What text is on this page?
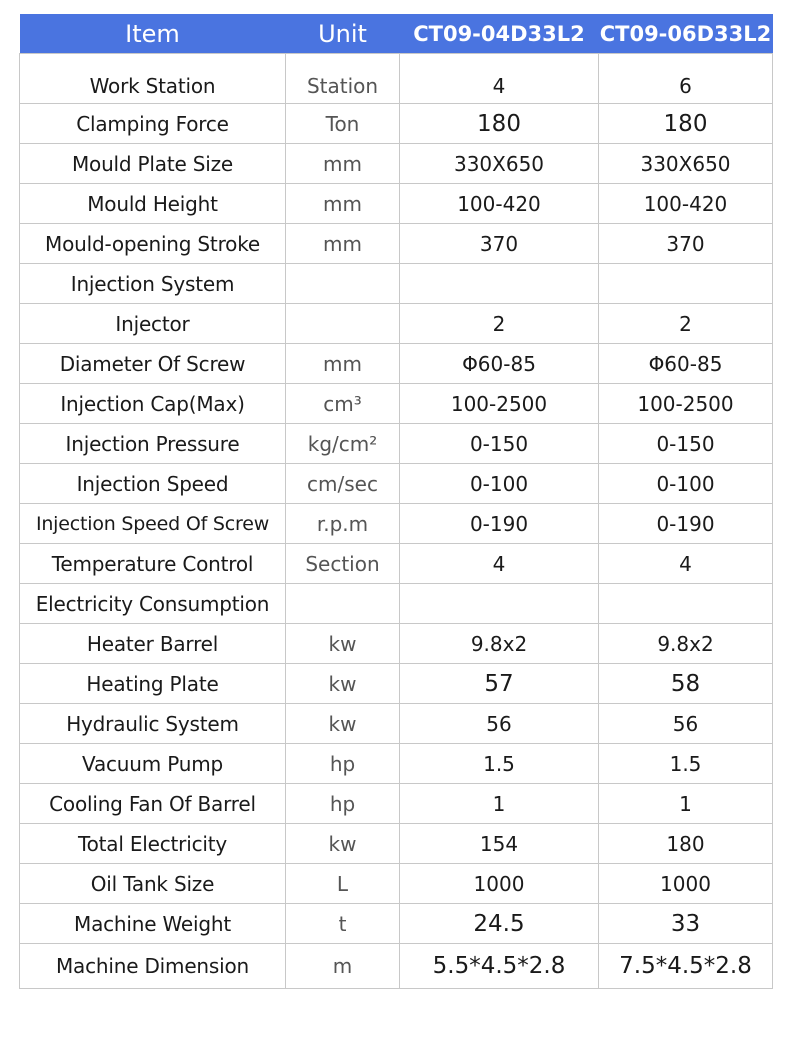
Item	Unit	CT09-04D33L2	CT09-06D33L2
Work Station	Station	4	6
Clamping Force	Ton	180	180
Mould Plate Size	mm	330X650	330X650
Mould Height	mm	100-420	100-420
Mould-opening Stroke	mm	370	370
Injection System			
Injector		2	2
Diameter Of Screw	mm	Φ60-85	Φ60-85
Injection Cap(Max)	cm³	100-2500	100-2500
Injection Pressure	kg/cm²	0-150	0-150
Injection Speed	cm/sec	0-100	0-100
Injection Speed Of Screw	r.p.m	0-190	0-190
Temperature Control	Section	4	4
Electricity Consumption			
Heater Barrel	kw	9.8x2	9.8x2
Heating Plate	kw	57	58
Hydraulic System	kw	56	56
Vacuum Pump	hp	1.5	1.5
Cooling Fan Of Barrel	hp	1	1
Total Electricity	kw	154	180
Oil Tank Size	L	1000	1000
Machine Weight	t	24.5	33
Machine Dimension	m	5.5*4.5*2.8	7.5*4.5*2.8
